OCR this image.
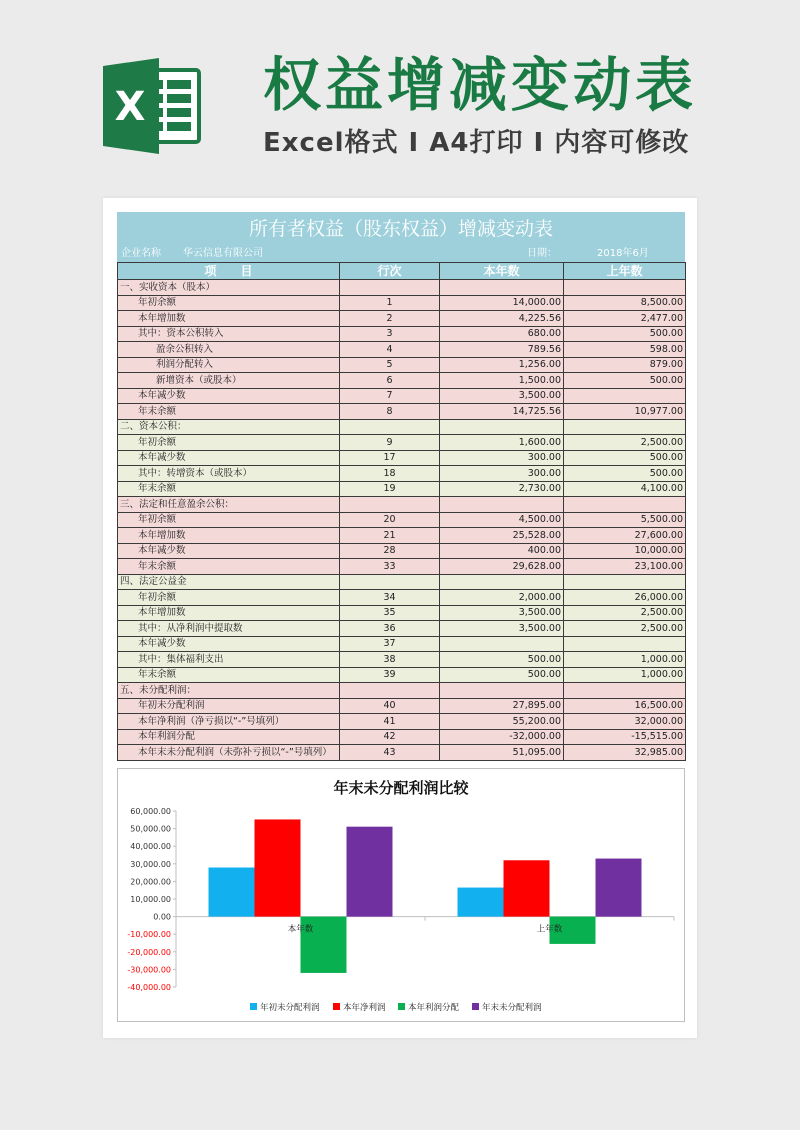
X 权益增减变动表
Excel格式 I A4打印 I 内容可修改
所有者权益（股东权益）增减变动表
企业名称 华云信息有限公司	日期：	2018年6月
项　　目	行次	本年数	上年数
一、实收资本（股本）			
年初余额	1	14,000.00	8,500.00
本年增加数	2	4,225.56	2,477.00
其中：资本公积转入	3	680.00	500.00
盈余公积转入	4	789.56	598.00
利润分配转入	5	1,256.00	879.00
新增资本（或股本）	6	1,500.00	500.00
本年减少数	7	3,500.00	
年末余额	8	14,725.56	10,977.00
二、资本公积：			
年初余额	9	1,600.00	2,500.00
本年减少数	17	300.00	500.00
其中：转增资本（或股本）	18	300.00	500.00
年末余额	19	2,730.00	4,100.00
三、法定和任意盈余公积：			
年初余额	20	4,500.00	5,500.00
本年增加数	21	25,528.00	27,600.00
本年减少数	28	400.00	10,000.00
年末余额	33	29,628.00	23,100.00
四、法定公益金			
年初余额	34	2,000.00	26,000.00
本年增加数	35	3,500.00	2,500.00
其中：从净利润中提取数	36	3,500.00	2,500.00
本年减少数	37		
其中：集体福利支出	38	500.00	1,000.00
年末余额	39	500.00	1,000.00
五、未分配利润：			
年初未分配利润	40	27,895.00	16,500.00
本年净利润（净亏损以“-”号填列）	41	55,200.00	32,000.00
本年利润分配	42	-32,000.00	-15,515.00
本年末未分配利润（未弥补亏损以“-”号填列）	43	51,095.00	32,985.00
年末未分配利润比较
60,000.00
50,000.00
40,000.00
30,000.00
20,000.00
10,000.00
0.00
-10,000.00
-20,000.00
-30,000.00
-40,000.00
本年数	上年数
年初未分配利润	本年净利润	本年利润分配	年末未分配利润
